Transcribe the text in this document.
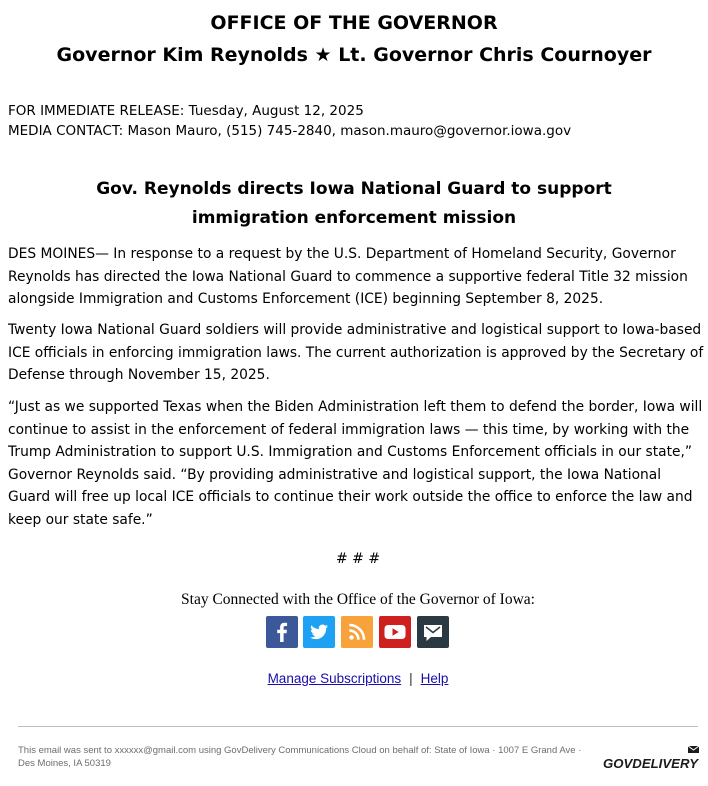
OFFICE OF THE GOVERNOR
Governor Kim Reynolds ★ Lt. Governor Chris Cournoyer
FOR IMMEDIATE RELEASE: Tuesday, August 12, 2025
MEDIA CONTACT: Mason Mauro, (515) 745-2840, mason.mauro@governor.iowa.gov
Gov. Reynolds directs Iowa National Guard to support immigration enforcement mission
DES MOINES— In response to a request by the U.S. Department of Homeland Security, Governor Reynolds has directed the Iowa National Guard to commence a supportive federal Title 32 mission alongside Immigration and Customs Enforcement (ICE) beginning September 8, 2025.
Twenty Iowa National Guard soldiers will provide administrative and logistical support to Iowa-based ICE officials in enforcing immigration laws. The current authorization is approved by the Secretary of Defense through November 15, 2025.
“Just as we supported Texas when the Biden Administration left them to defend the border, Iowa will continue to assist in the enforcement of federal immigration laws — this time, by working with the Trump Administration to support U.S. Immigration and Customs Enforcement officials in our state,” Governor Reynolds said. “By providing administrative and logistical support, the Iowa National Guard will free up local ICE officials to continue their work outside the office to enforce the law and keep our state safe.”
# # #
Stay Connected with the Office of the Governor of Iowa:
Manage Subscriptions | Help
This email was sent to xxxxxx@gmail.com using GovDelivery Communications Cloud on behalf of: State of Iowa · 1007 E Grand Ave · Des Moines, IA 50319	GOVDELIVERY
